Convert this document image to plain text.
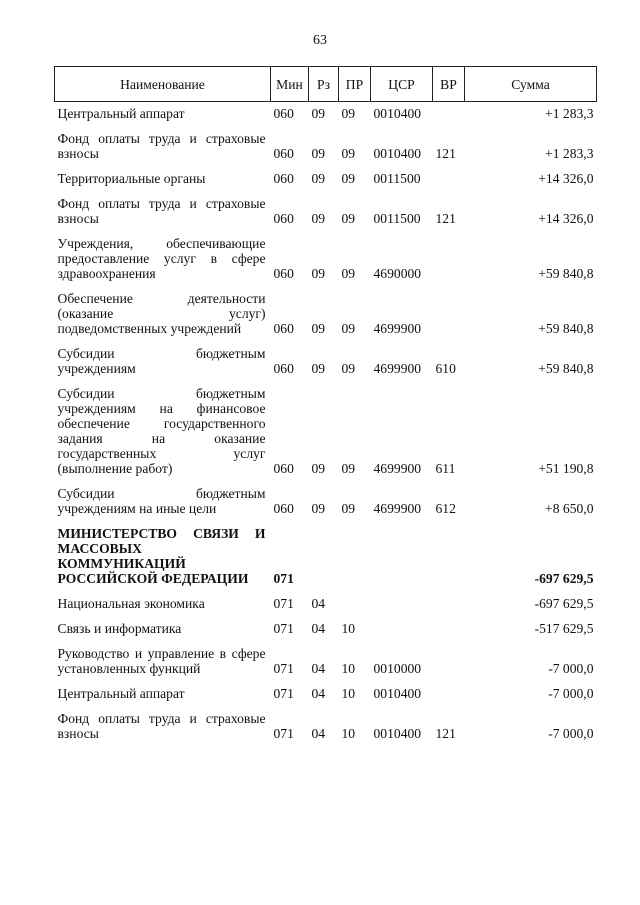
63
Наименование	Мин	Рз	ПР	ЦСР	ВР	Сумма
Центральный аппарат	060	09	09	0010400		+1 283,3
Фонд оплаты труда и страховые взносы	060	09	09	0010400	121	+1 283,3
Территориальные органы	060	09	09	0011500		+14 326,0
Фонд оплаты труда и страховые взносы	060	09	09	0011500	121	+14 326,0
Учреждения, обеспечивающие предоставление услуг в сфере здравоохранения	060	09	09	4690000		+59 840,8
Обеспечение деятельности (оказание услуг) подведомственных учреждений	060	09	09	4699900		+59 840,8
Субсидии бюджетным учреждениям	060	09	09	4699900	610	+59 840,8
Субсидии бюджетным учреждениям на финансовое обеспечение государственного задания на оказание государственных услуг (выполнение работ)	060	09	09	4699900	611	+51 190,8
Субсидии бюджетным учреждениям на иные цели	060	09	09	4699900	612	+8 650,0
МИНИСТЕРСТВО СВЯЗИ И МАССОВЫХ КОММУНИКАЦИЙ РОССИЙСКОЙ ФЕДЕРАЦИИ	071					-697 629,5
Национальная экономика	071	04				-697 629,5
Связь и информатика	071	04	10			-517 629,5
Руководство и управление в сфере установленных функций	071	04	10	0010000		-7 000,0
Центральный аппарат	071	04	10	0010400		-7 000,0
Фонд оплаты труда и страховые взносы	071	04	10	0010400	121	-7 000,0
